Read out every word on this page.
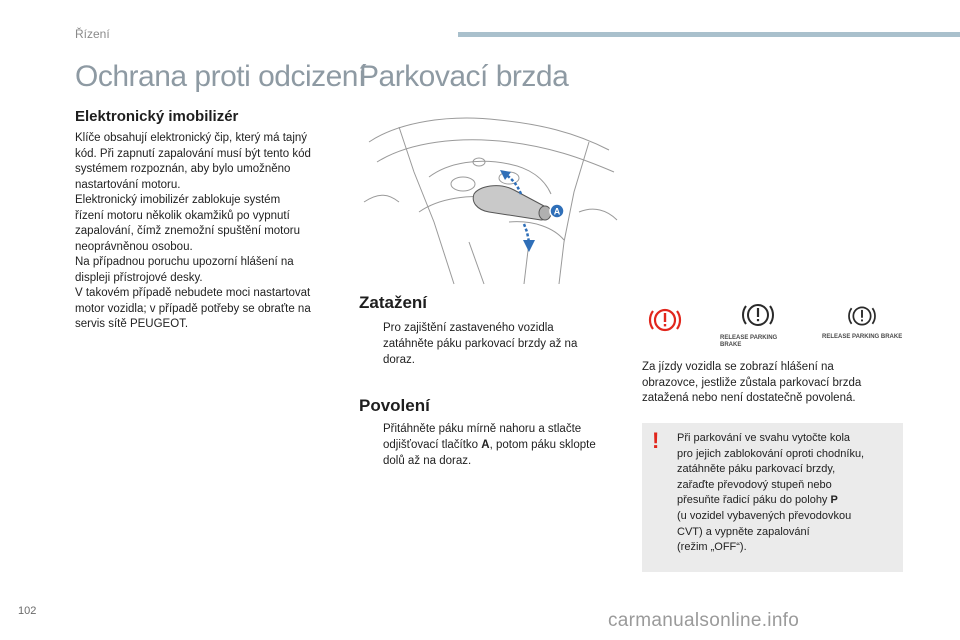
Řízení
Ochrana proti odcizení
Parkovací brzda
Elektronický imobilizér

Klíče obsahují elektronický čip, který má tajný

kód. Při zapnutí zapalování musí být tento kód

systémem rozpoznán, aby bylo umožněno

nastartování motoru.

Elektronický imobilizér zablokuje systém

řízení motoru několik okamžiků po vypnutí

zapalování, čímž znemožní spuštění motoru

neoprávněnou osobou.

Na případnou poruchu upozorní hlášení na

displeji přístrojové desky.

V takovém případě nebudete moci nastartovat

motor vozidla; v případě potřeby se obraťte na

servis sítě PEUGEOT.

A
Zatažení
Pro zajištění zastaveného vozidla
zatáhněte páku parkovací brzdy až na
doraz.
Povolení
Přitáhněte páku mírně nahoru a stlačte
odjišťovací tlačítko A, potom páku sklopte
dolů až na doraz.
RELEASE PARKING
BRAKE
RELEASE PARKING BRAKE

Za jízdy vozidla se zobrazí hlášení na

obrazovce, jestliže zůstala parkovací brzda

zatažená nebo není dostatečně povolená.

! Při parkování ve svahu vytočte kola
pro jejich zablokování oproti chodníku,
zatáhněte páku parkovací brzdy,
zařaďte převodový stupeň nebo
přesuňte řadicí páku do polohy P
(u vozidel vybavených převodovkou
CVT) a vypněte zapalování
(režim „OFF“).
102	carmanualsonline.info
